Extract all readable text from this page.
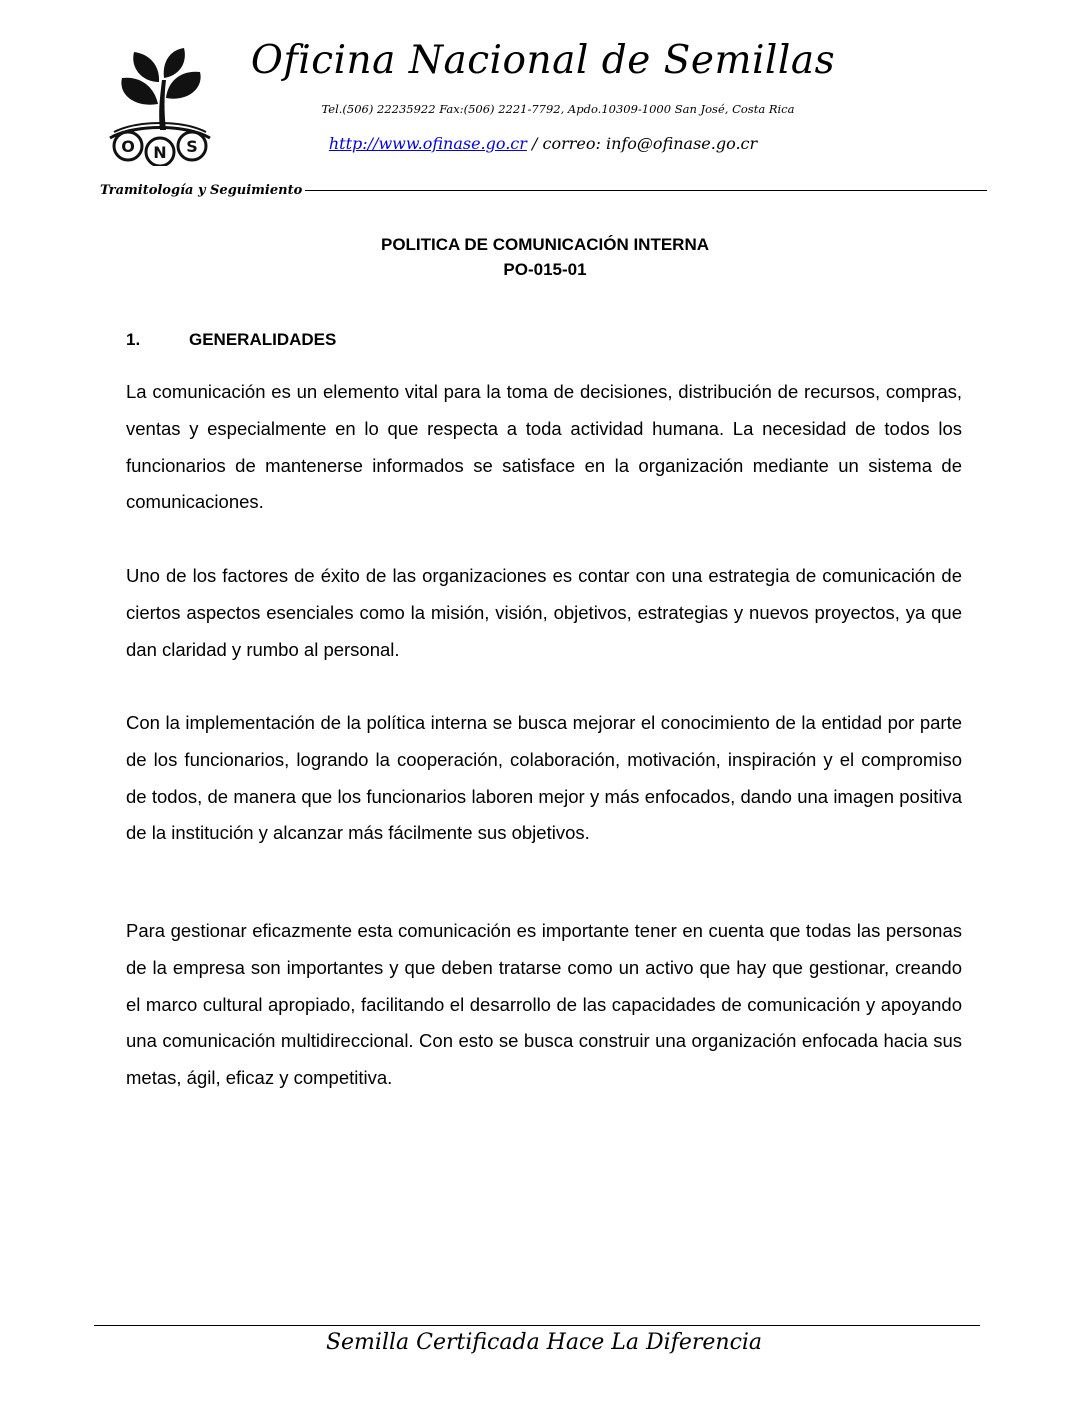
O N S
Oficina Nacional de Semillas
Tel.(506) 22235922 Fax:(506) 2221-7792, Apdo.10309-1000 San José, Costa Rica
http://www.ofinase.go.cr / correo: info@ofinase.go.cr
Tramitología y Seguimiento
POLITICA DE COMUNICACIÓN INTERNA
PO-015-01
1.	GENERALIDADES

La comunicación es un elemento vital para la toma de decisiones, distribución de recursos, compras, ventas y especialmente en lo que respecta a toda actividad humana. La necesidad de todos los funcionarios de mantenerse informados se satisface en la organización mediante un sistema de comunicaciones.

Uno de los factores de éxito de las organizaciones es contar con una estrategia de comunicación de ciertos aspectos esenciales como la misión, visión, objetivos, estrategias y nuevos proyectos, ya que dan claridad y rumbo al personal.

Con la implementación de la política interna se busca mejorar el conocimiento de la entidad por parte de los funcionarios, logrando la cooperación, colaboración, motivación, inspiración y el compromiso de todos, de manera que los funcionarios laboren mejor y más enfocados, dando una imagen positiva de la institución y alcanzar más fácilmente sus objetivos.

Para gestionar eficazmente esta comunicación es importante tener en cuenta que todas las personas de la empresa son importantes y que deben tratarse como un activo que hay que gestionar, creando el marco cultural apropiado, facilitando el desarrollo de las capacidades de comunicación y apoyando una comunicación multidireccional. Con esto se busca construir una organización enfocada hacia sus metas, ágil, eficaz y competitiva.

Semilla Certificada Hace La Diferencia
